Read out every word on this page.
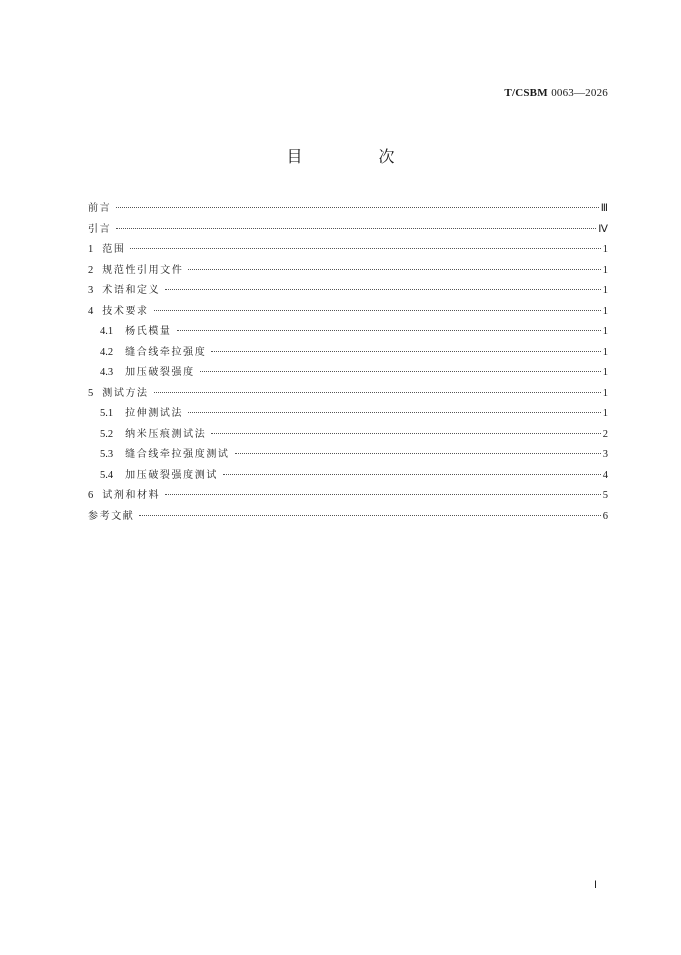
T/CSBM 0063—2026
目　次
前言	Ⅲ
引言	Ⅳ
1 范围	1
2 规范性引用文件	1
3 术语和定义	1
4 技术要求	1
4.1 杨氏模量	1
4.2 缝合线牵拉强度	1
4.3 加压破裂强度	1
5 测试方法	1
5.1 拉伸测试法	1
5.2 纳米压痕测试法	2
5.3 缝合线牵拉强度测试	3
5.4 加压破裂强度测试	4
6 试剂和材料	5
参考文献	6
Ⅰ
